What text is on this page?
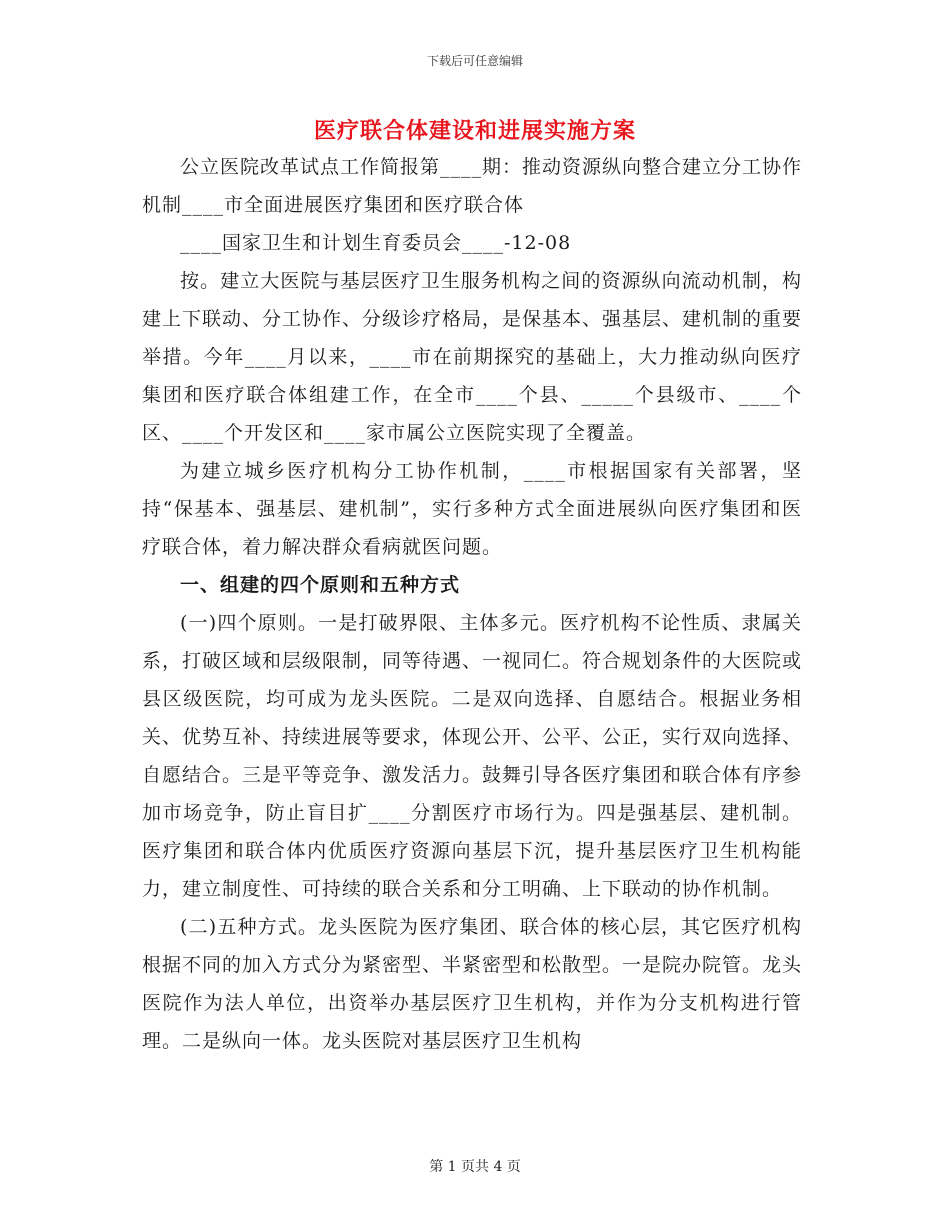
下载后可任意编辑
医疗联合体建设和进展实施方案

公立医院改革试点工作简报第____期：推动资源纵向整合建立分工协作机制____市全面进展医疗集团和医疗联合体

____国家卫生和计划生育委员会____-12-08

按。建立大医院与基层医疗卫生服务机构之间的资源纵向流动机制，构建上下联动、分工协作、分级诊疗格局，是保基本、强基层、建机制的重要举措。今年____月以来，____市在前期探究的基础上，大力推动纵向医疗集团和医疗联合体组建工作，在全市____个县、_____个县级市、____个区、____个开发区和____家市属公立医院实现了全覆盖。

为建立城乡医疗机构分工协作机制，____市根据国家有关部署，坚持“保基本、强基层、建机制”，实行多种方式全面进展纵向医疗集团和医疗联合体，着力解决群众看病就医问题。

一、组建的四个原则和五种方式

(一)四个原则。一是打破界限、主体多元。医疗机构不论性质、隶属关系，打破区域和层级限制，同等待遇、一视同仁。符合规划条件的大医院或县区级医院，均可成为龙头医院。二是双向选择、自愿结合。根据业务相关、优势互补、持续进展等要求，体现公开、公平、公正，实行双向选择、自愿结合。三是平等竞争、激发活力。鼓舞引导各医疗集团和联合体有序参加市场竞争，防止盲目扩____分割医疗市场行为。四是强基层、建机制。医疗集团和联合体内优质医疗资源向基层下沉，提升基层医疗卫生机构能力，建立制度性、可持续的联合关系和分工明确、上下联动的协作机制。

(二)五种方式。龙头医院为医疗集团、联合体的核心层，其它医疗机构根据不同的加入方式分为紧密型、半紧密型和松散型。一是院办院管。龙头医院作为法人单位，出资举办基层医疗卫生机构，并作为分支机构进行管理。二是纵向一体。龙头医院对基层医疗卫生机构

第 1 页共 4 页
